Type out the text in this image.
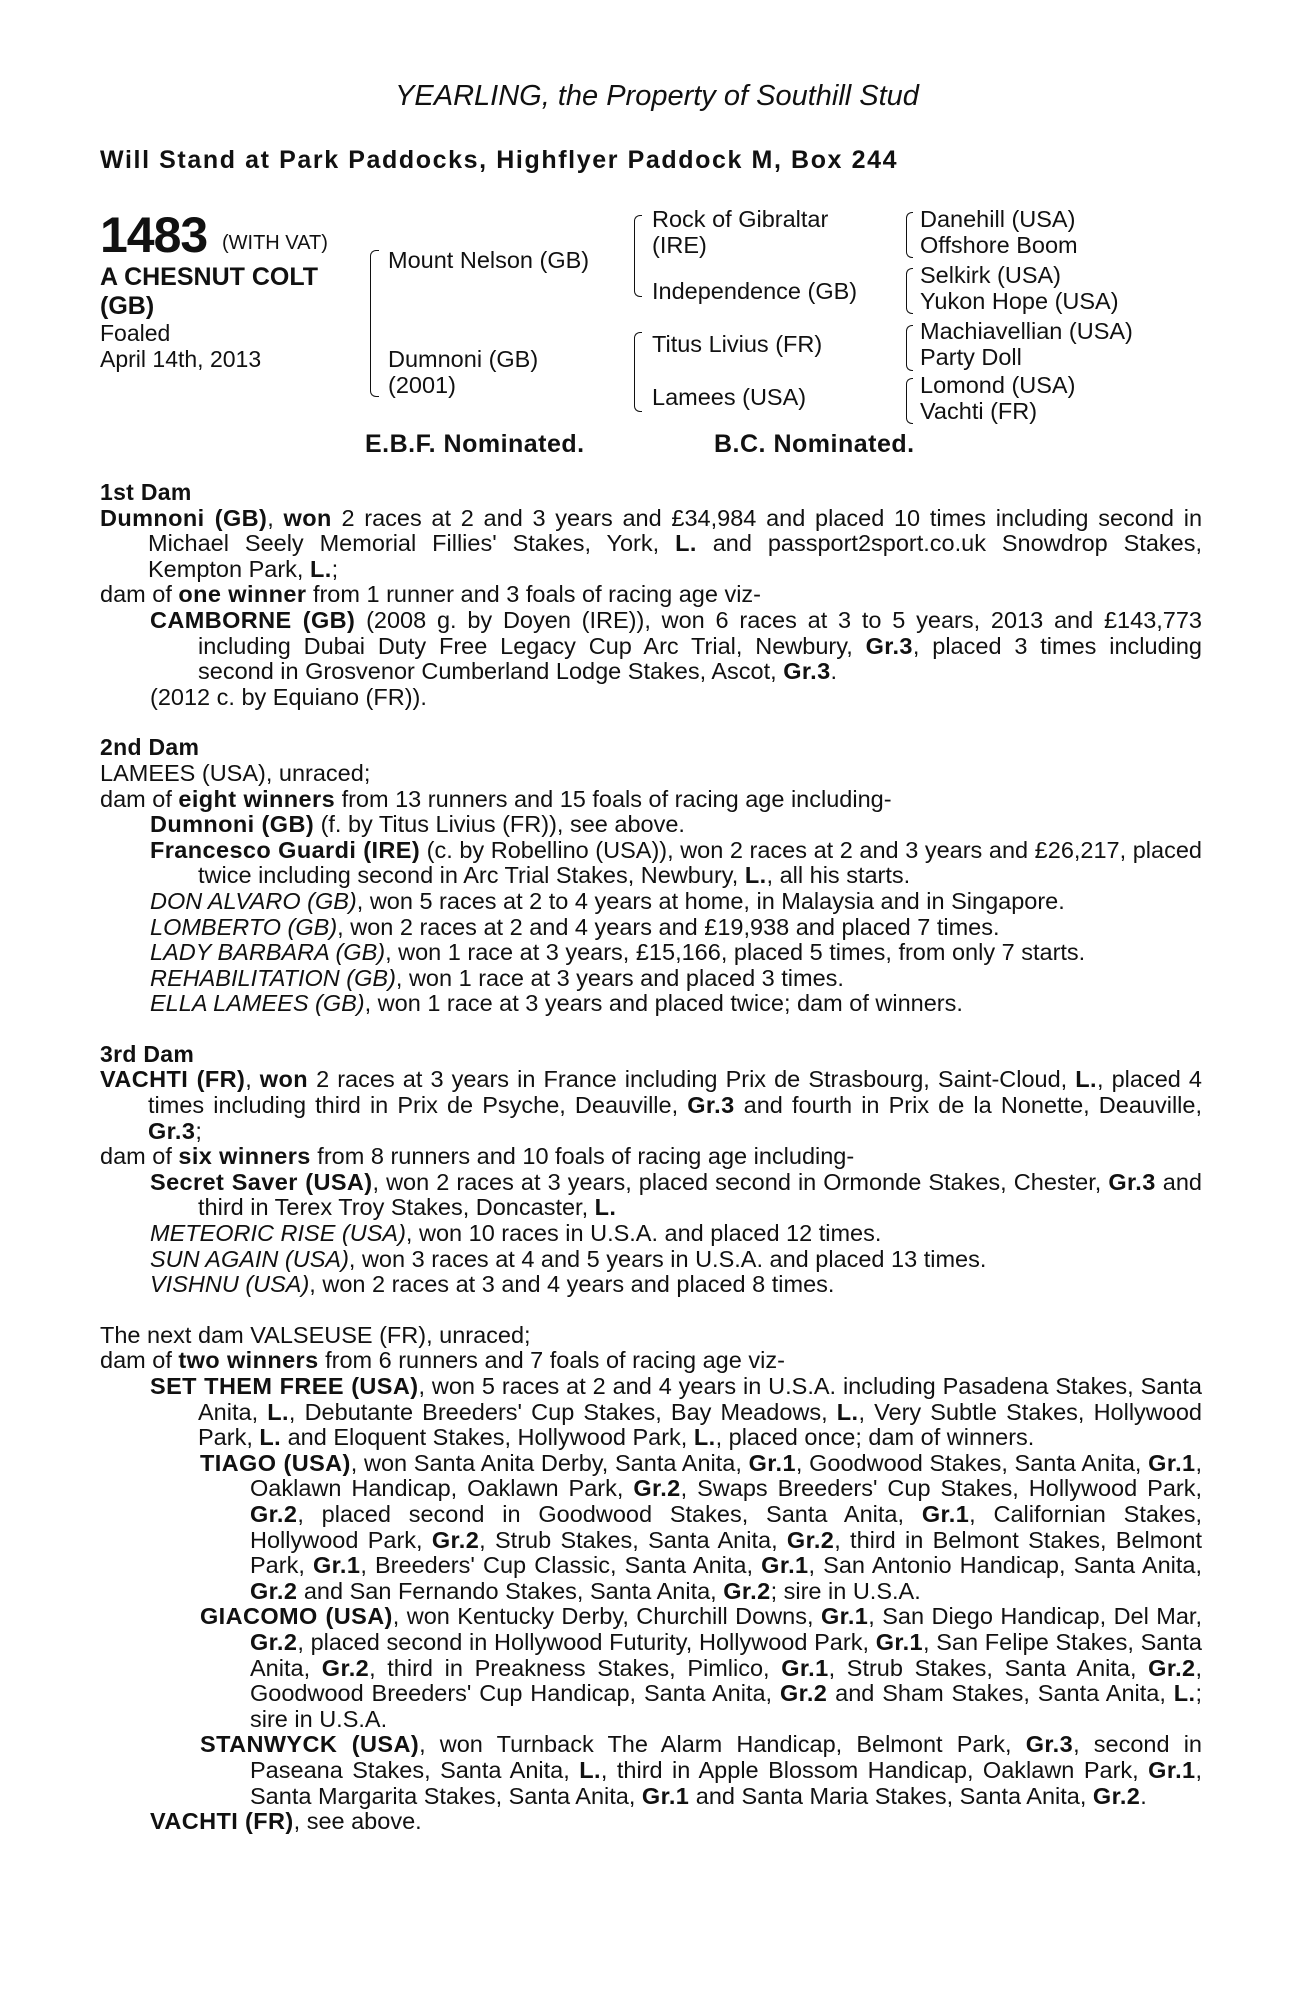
YEARLING, the Property of Southill Stud
Will Stand at Park Paddocks, Highflyer Paddock M, Box 244
1483 (WITH VAT)
A CHESNUT COLT
(GB)
Foaled
April 14th, 2013
Mount Nelson (GB)
Dumnoni (GB)
(2001)
Rock of Gibraltar
(IRE)
Independence (GB)
Titus Livius (FR)
Lamees (USA)
Danehill (USA)
Offshore Boom
Selkirk (USA)
Yukon Hope (USA)
Machiavellian (USA)
Party Doll
Lomond (USA)
Vachti (FR)
E.B.F. Nominated.	B.C. Nominated.

1st Dam

Dumnoni (GB), won 2 races at 2 and 3 years and £34,984 and placed 10 times including second in Michael Seely Memorial Fillies' Stakes, York, L. and passport2sport.co.uk Snowdrop Stakes, Kempton Park, L.;

dam of one winner from 1 runner and 3 foals of racing age viz-

CAMBORNE (GB) (2008 g. by Doyen (IRE)), won 6 races at 3 to 5 years, 2013 and £143,773 including Dubai Duty Free Legacy Cup Arc Trial, Newbury, Gr.3, placed 3 times including second in Grosvenor Cumberland Lodge Stakes, Ascot, Gr.3.

(2012 c. by Equiano (FR)).

2nd Dam

LAMEES (USA), unraced;

dam of eight winners from 13 runners and 15 foals of racing age including-

Dumnoni (GB) (f. by Titus Livius (FR)), see above.

Francesco Guardi (IRE) (c. by Robellino (USA)), won 2 races at 2 and 3 years and £26,217, placed twice including second in Arc Trial Stakes, Newbury, L., all his starts.

DON ALVARO (GB), won 5 races at 2 to 4 years at home, in Malaysia and in Singapore.

LOMBERTO (GB), won 2 races at 2 and 4 years and £19,938 and placed 7 times.

LADY BARBARA (GB), won 1 race at 3 years, £15,166, placed 5 times, from only 7 starts.

REHABILITATION (GB), won 1 race at 3 years and placed 3 times.

ELLA LAMEES (GB), won 1 race at 3 years and placed twice; dam of winners.

3rd Dam

VACHTI (FR), won 2 races at 3 years in France including Prix de Strasbourg, Saint-Cloud, L., placed 4 times including third in Prix de Psyche, Deauville, Gr.3 and fourth in Prix de la Nonette, Deauville, Gr.3;

dam of six winners from 8 runners and 10 foals of racing age including-

Secret Saver (USA), won 2 races at 3 years, placed second in Ormonde Stakes, Chester, Gr.3 and third in Terex Troy Stakes, Doncaster, L.

METEORIC RISE (USA), won 10 races in U.S.A. and placed 12 times.

SUN AGAIN (USA), won 3 races at 4 and 5 years in U.S.A. and placed 13 times.

VISHNU (USA), won 2 races at 3 and 4 years and placed 8 times.

The next dam VALSEUSE (FR), unraced;

dam of two winners from 6 runners and 7 foals of racing age viz-

SET THEM FREE (USA), won 5 races at 2 and 4 years in U.S.A. including Pasadena Stakes, Santa Anita, L., Debutante Breeders' Cup Stakes, Bay Meadows, L., Very Subtle Stakes, Hollywood Park, L. and Eloquent Stakes, Hollywood Park, L., placed once; dam of winners.

TIAGO (USA), won Santa Anita Derby, Santa Anita, Gr.1, Goodwood Stakes, Santa Anita, Gr.1, Oaklawn Handicap, Oaklawn Park, Gr.2, Swaps Breeders' Cup Stakes, Hollywood Park, Gr.2, placed second in Goodwood Stakes, Santa Anita, Gr.1, Californian Stakes, Hollywood Park, Gr.2, Strub Stakes, Santa Anita, Gr.2, third in Belmont Stakes, Belmont Park, Gr.1, Breeders' Cup Classic, Santa Anita, Gr.1, San Antonio Handicap, Santa Anita, Gr.2 and San Fernando Stakes, Santa Anita, Gr.2; sire in U.S.A.

GIACOMO (USA), won Kentucky Derby, Churchill Downs, Gr.1, San Diego Handicap, Del Mar, Gr.2, placed second in Hollywood Futurity, Hollywood Park, Gr.1, San Felipe Stakes, Santa Anita, Gr.2, third in Preakness Stakes, Pimlico, Gr.1, Strub Stakes, Santa Anita, Gr.2, Goodwood Breeders' Cup Handicap, Santa Anita, Gr.2 and Sham Stakes, Santa Anita, L.; sire in U.S.A.

STANWYCK (USA), won Turnback The Alarm Handicap, Belmont Park, Gr.3, second in Paseana Stakes, Santa Anita, L., third in Apple Blossom Handicap, Oaklawn Park, Gr.1, Santa Margarita Stakes, Santa Anita, Gr.1 and Santa Maria Stakes, Santa Anita, Gr.2.

VACHTI (FR), see above.
